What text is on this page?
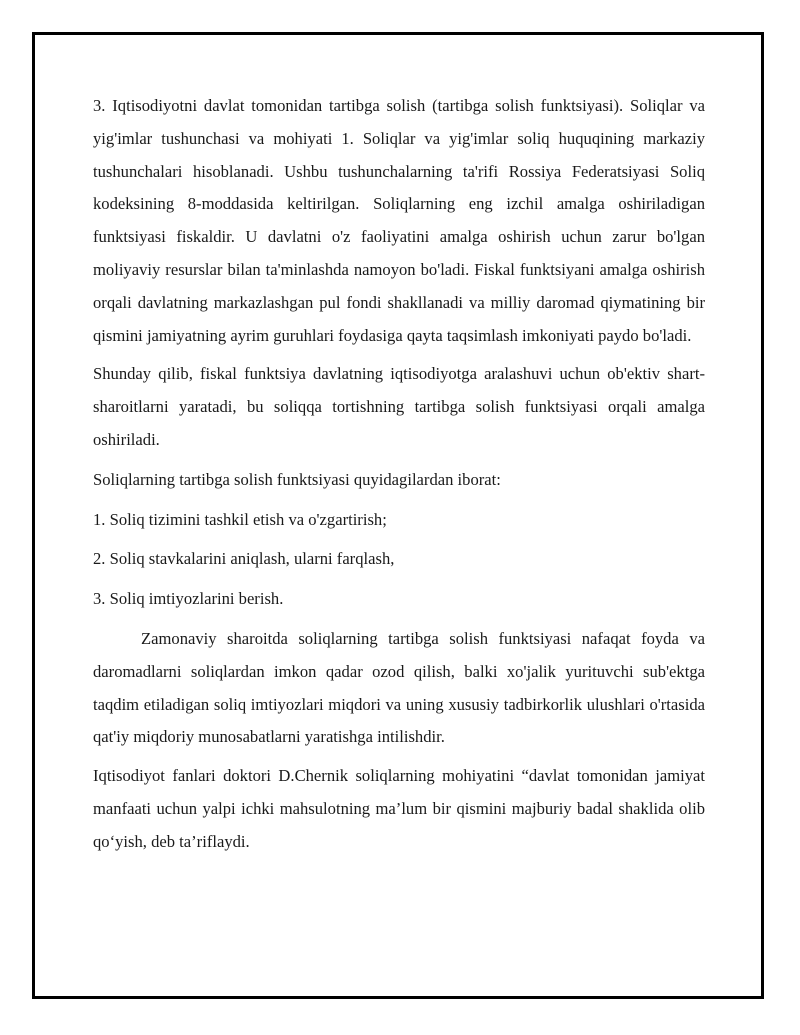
3. Iqtisodiyotni davlat tomonidan tartibga solish (tartibga solish funktsiyasi). Soliqlar va yig'imlar tushunchasi va mohiyati 1. Soliqlar va yig'imlar soliq huquqining markaziy tushunchalari hisoblanadi. Ushbu tushunchalarning ta'rifi Rossiya Federatsiyasi Soliq kodeksining 8-moddasida keltirilgan. Soliqlarning eng izchil amalga oshiriladigan funktsiyasi fiskaldir. U davlatni o'z faoliyatini amalga oshirish uchun zarur bo'lgan moliyaviy resurslar bilan ta'minlashda namoyon bo'ladi. Fiskal funktsiyani amalga oshirish orqali davlatning markazlashgan pul fondi shakllanadi va milliy daromad qiymatining bir qismini jamiyatning ayrim guruhlari foydasiga qayta taqsimlash imkoniyati paydo bo'ladi.

Shunday qilib, fiskal funktsiya davlatning iqtisodiyotga aralashuvi uchun ob'ektiv shart-sharoitlarni yaratadi, bu soliqqa tortishning tartibga solish funktsiyasi orqali amalga oshiriladi.

Soliqlarning tartibga solish funktsiyasi quyidagilardan iborat:

1. Soliq tizimini tashkil etish va o'zgartirish;

2. Soliq stavkalarini aniqlash, ularni farqlash,

3. Soliq imtiyozlarini berish.

Zamonaviy sharoitda soliqlarning tartibga solish funktsiyasi nafaqat foyda va daromadlarni soliqlardan imkon qadar ozod qilish, balki xo'jalik yurituvchi sub'ektga taqdim etiladigan soliq imtiyozlari miqdori va uning xususiy tadbirkorlik ulushlari o'rtasida qat'iy miqdoriy munosabatlarni yaratishga intilishdir.

Iqtisodiyot fanlari doktori D.Chernik soliqlarning mohiyatini “davlat tomonidan jamiyat manfaati uchun yalpi ichki mahsulotning ma’lum bir qismini majburiy badal shaklida olib qo‘yish, deb ta’riflaydi.
